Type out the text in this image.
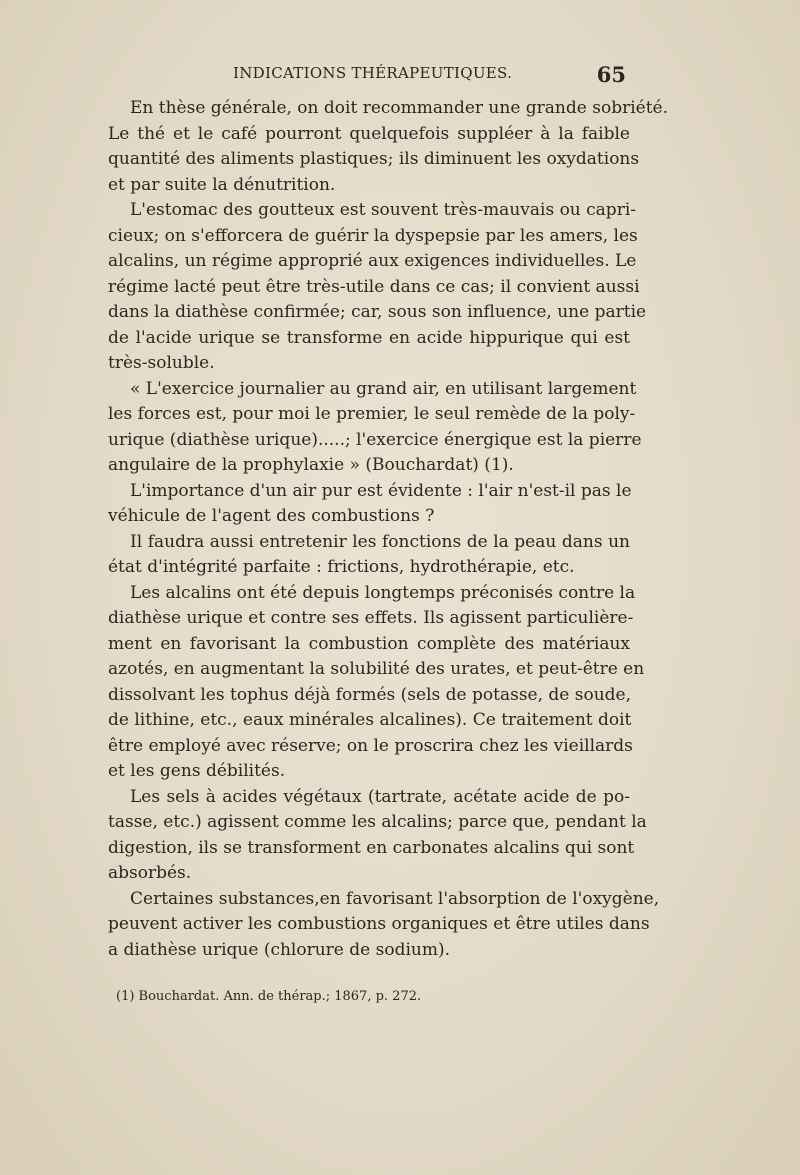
INDICATIONS THÉRAPEUTIQUES.	65
En thèse générale, on doit recommander une grande sobriété.
Le thé et le café pourront quelquefois suppléer à la faible
quantité des aliments plastiques; ils diminuent les oxydations
et par suite la dénutrition.
L'estomac des goutteux est souvent très-mauvais ou capri-
cieux; on s'efforcera de guérir la dyspepsie par les amers, les
alcalins, un régime approprié aux exigences individuelles. Le
régime lacté peut être très-utile dans ce cas; il convient aussi
dans la diathèse confirmée; car, sous son influence, une partie
de l'acide urique se transforme en acide hippurique qui est
très-soluble.
« L'exercice journalier au grand air, en utilisant largement
les forces est, pour moi le premier, le seul remède de la poly-
urique (diathèse urique).....; l'exercice énergique est la pierre
angulaire de la prophylaxie » (Bouchardat) (1).
L'importance d'un air pur est évidente : l'air n'est-il pas le
véhicule de l'agent des combustions ?
Il faudra aussi entretenir les fonctions de la peau dans un
état d'intégrité parfaite : frictions, hydrothérapie, etc.
Les alcalins ont été depuis longtemps préconisés contre la
diathèse urique et contre ses effets. Ils agissent particulière-
ment en favorisant la combustion complète des matériaux
azotés, en augmentant la solubilité des urates, et peut-être en
dissolvant les tophus déjà formés (sels de potasse, de soude,
de lithine, etc., eaux minérales alcalines). Ce traitement doit
être employé avec réserve; on le proscrira chez les vieillards
et les gens débilités.
Les sels à acides végétaux (tartrate, acétate acide de po-
tasse, etc.) agissent comme les alcalins; parce que, pendant la
digestion, ils se transforment en carbonates alcalins qui sont
absorbés.
Certaines substances,en favorisant l'absorption de l'oxygène,
peuvent activer les combustions organiques et être utiles dans
a diathèse urique (chlorure de sodium).
(1) Bouchardat. Ann. de thérap.; 1867, p. 272.
